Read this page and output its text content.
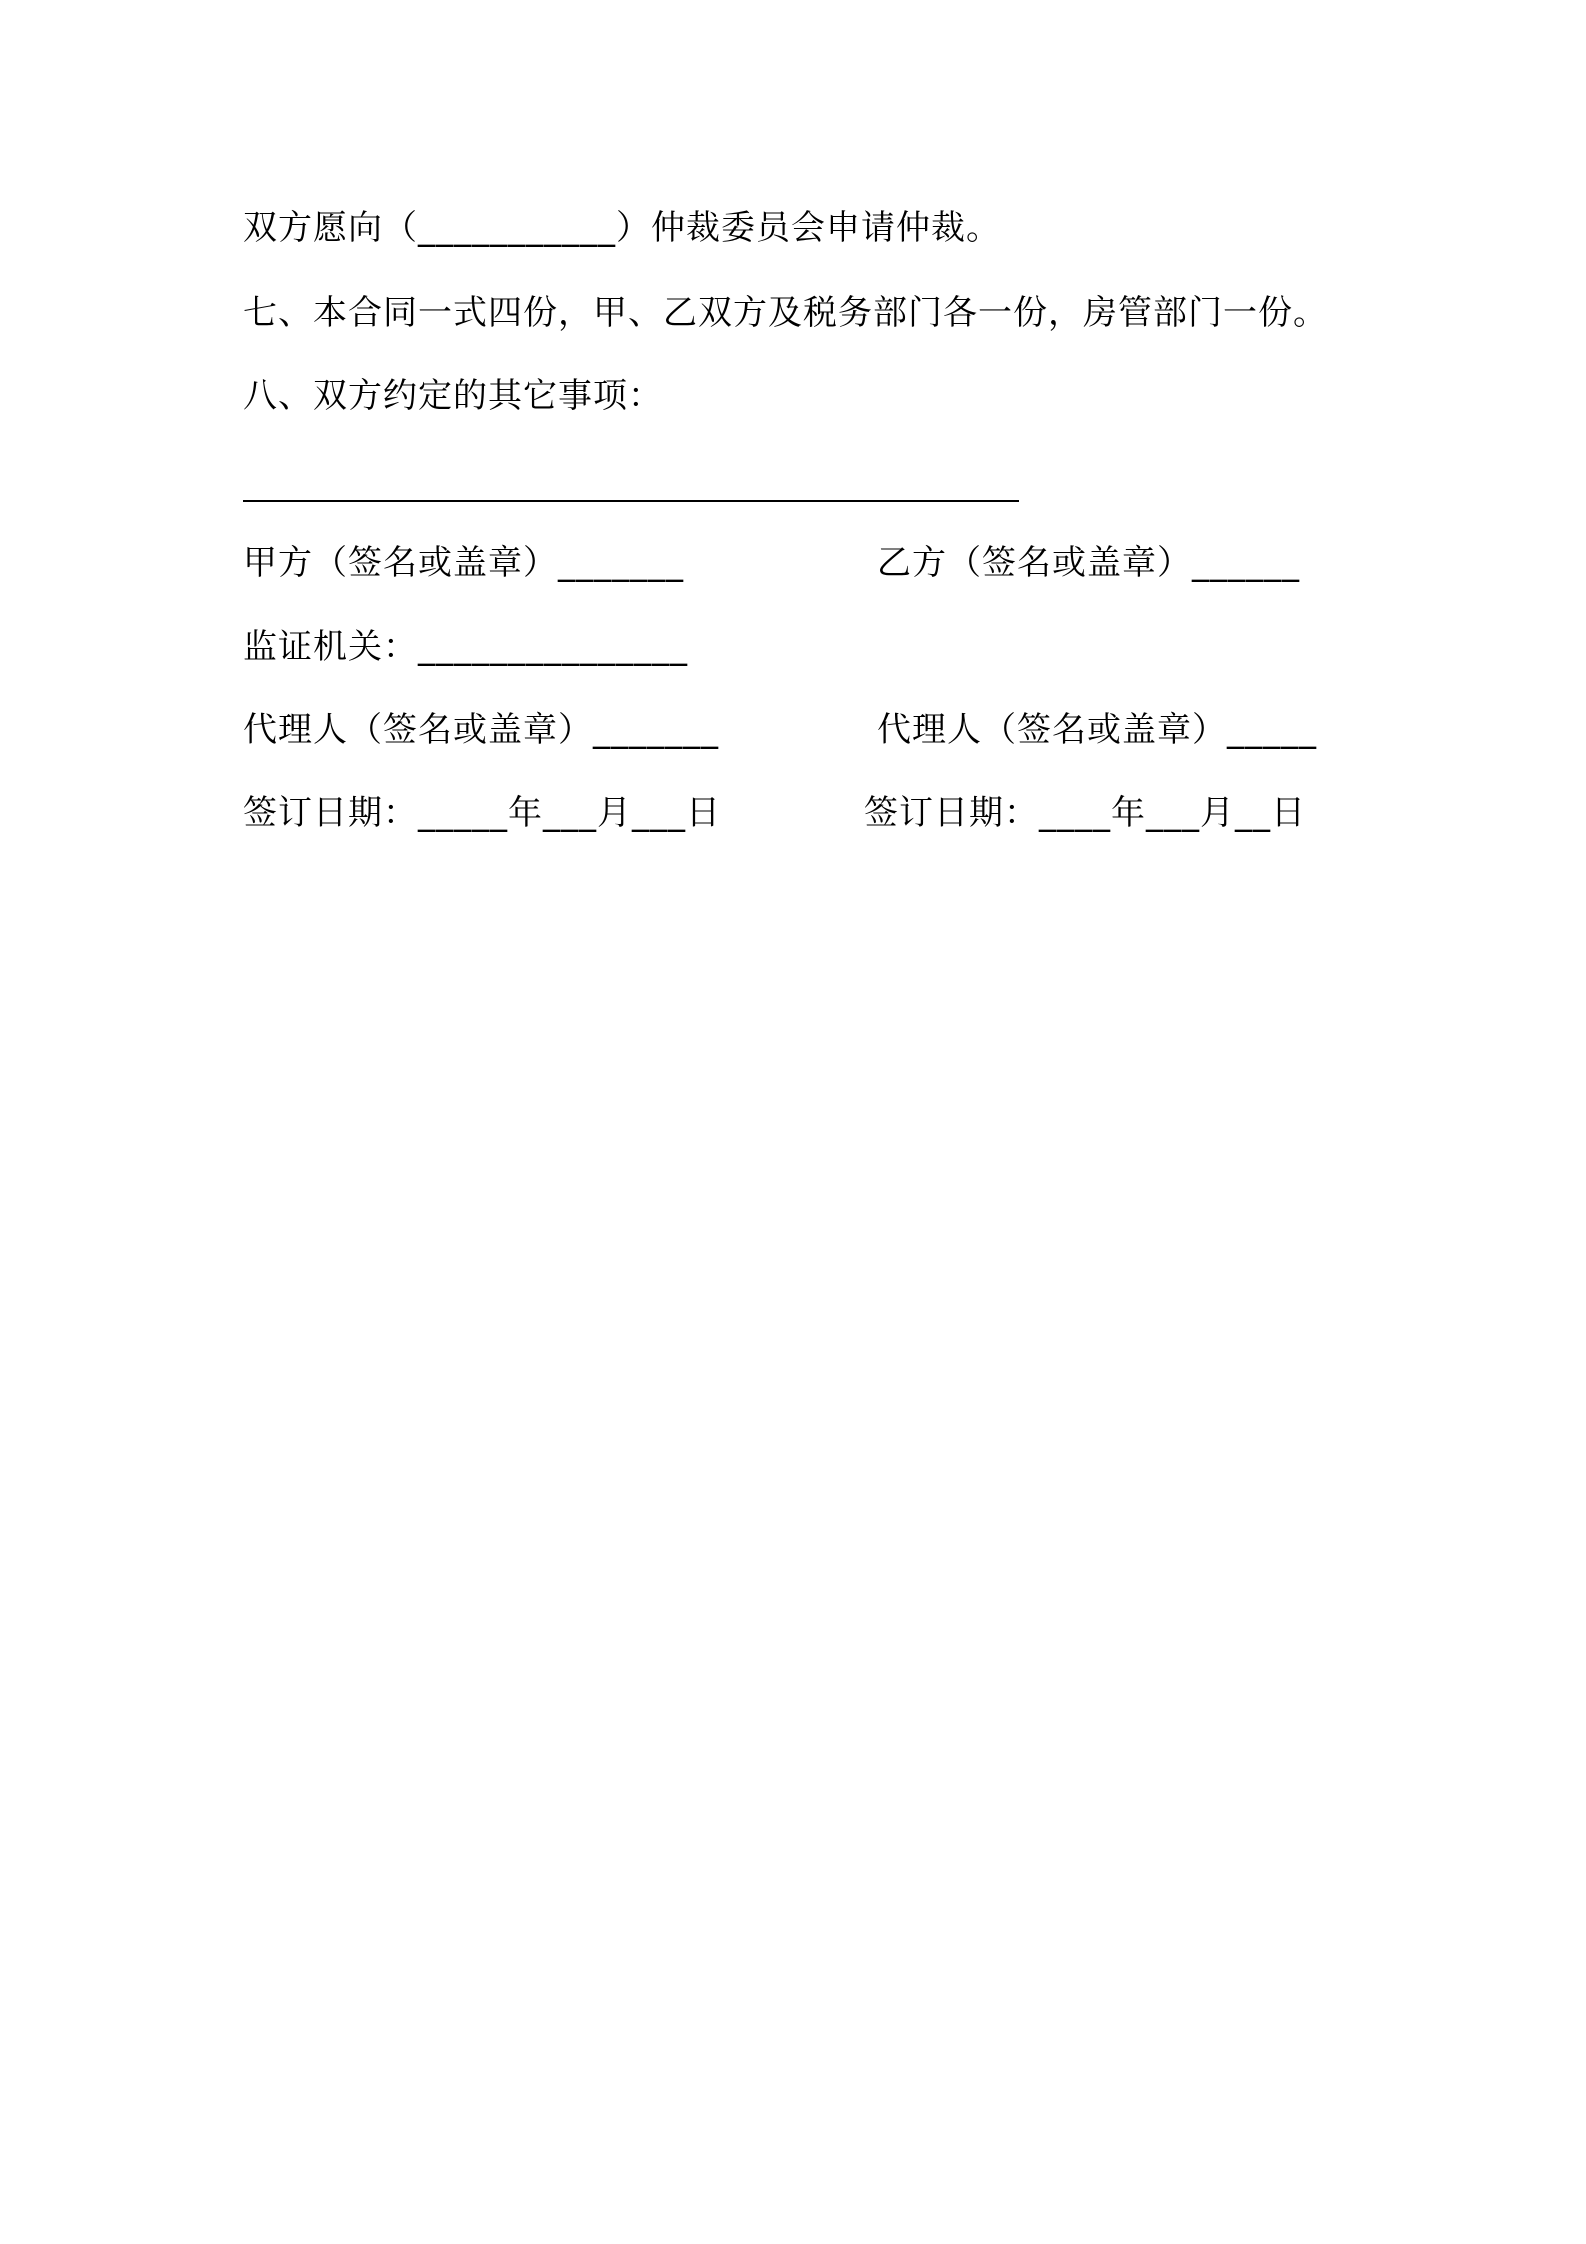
双方愿向（___________）仲裁委员会申请仲裁。
七、本合同一式四份，甲、乙双方及税务部门各一份，房管部门一份。
八、双方约定的其它事项：
甲方（签名或盖章）_______	乙方（签名或盖章）______
监证机关：_______________
代理人（签名或盖章）_______	代理人（签名或盖章）_____
签订日期：_____年___月___日	签订日期：____年___月__日
